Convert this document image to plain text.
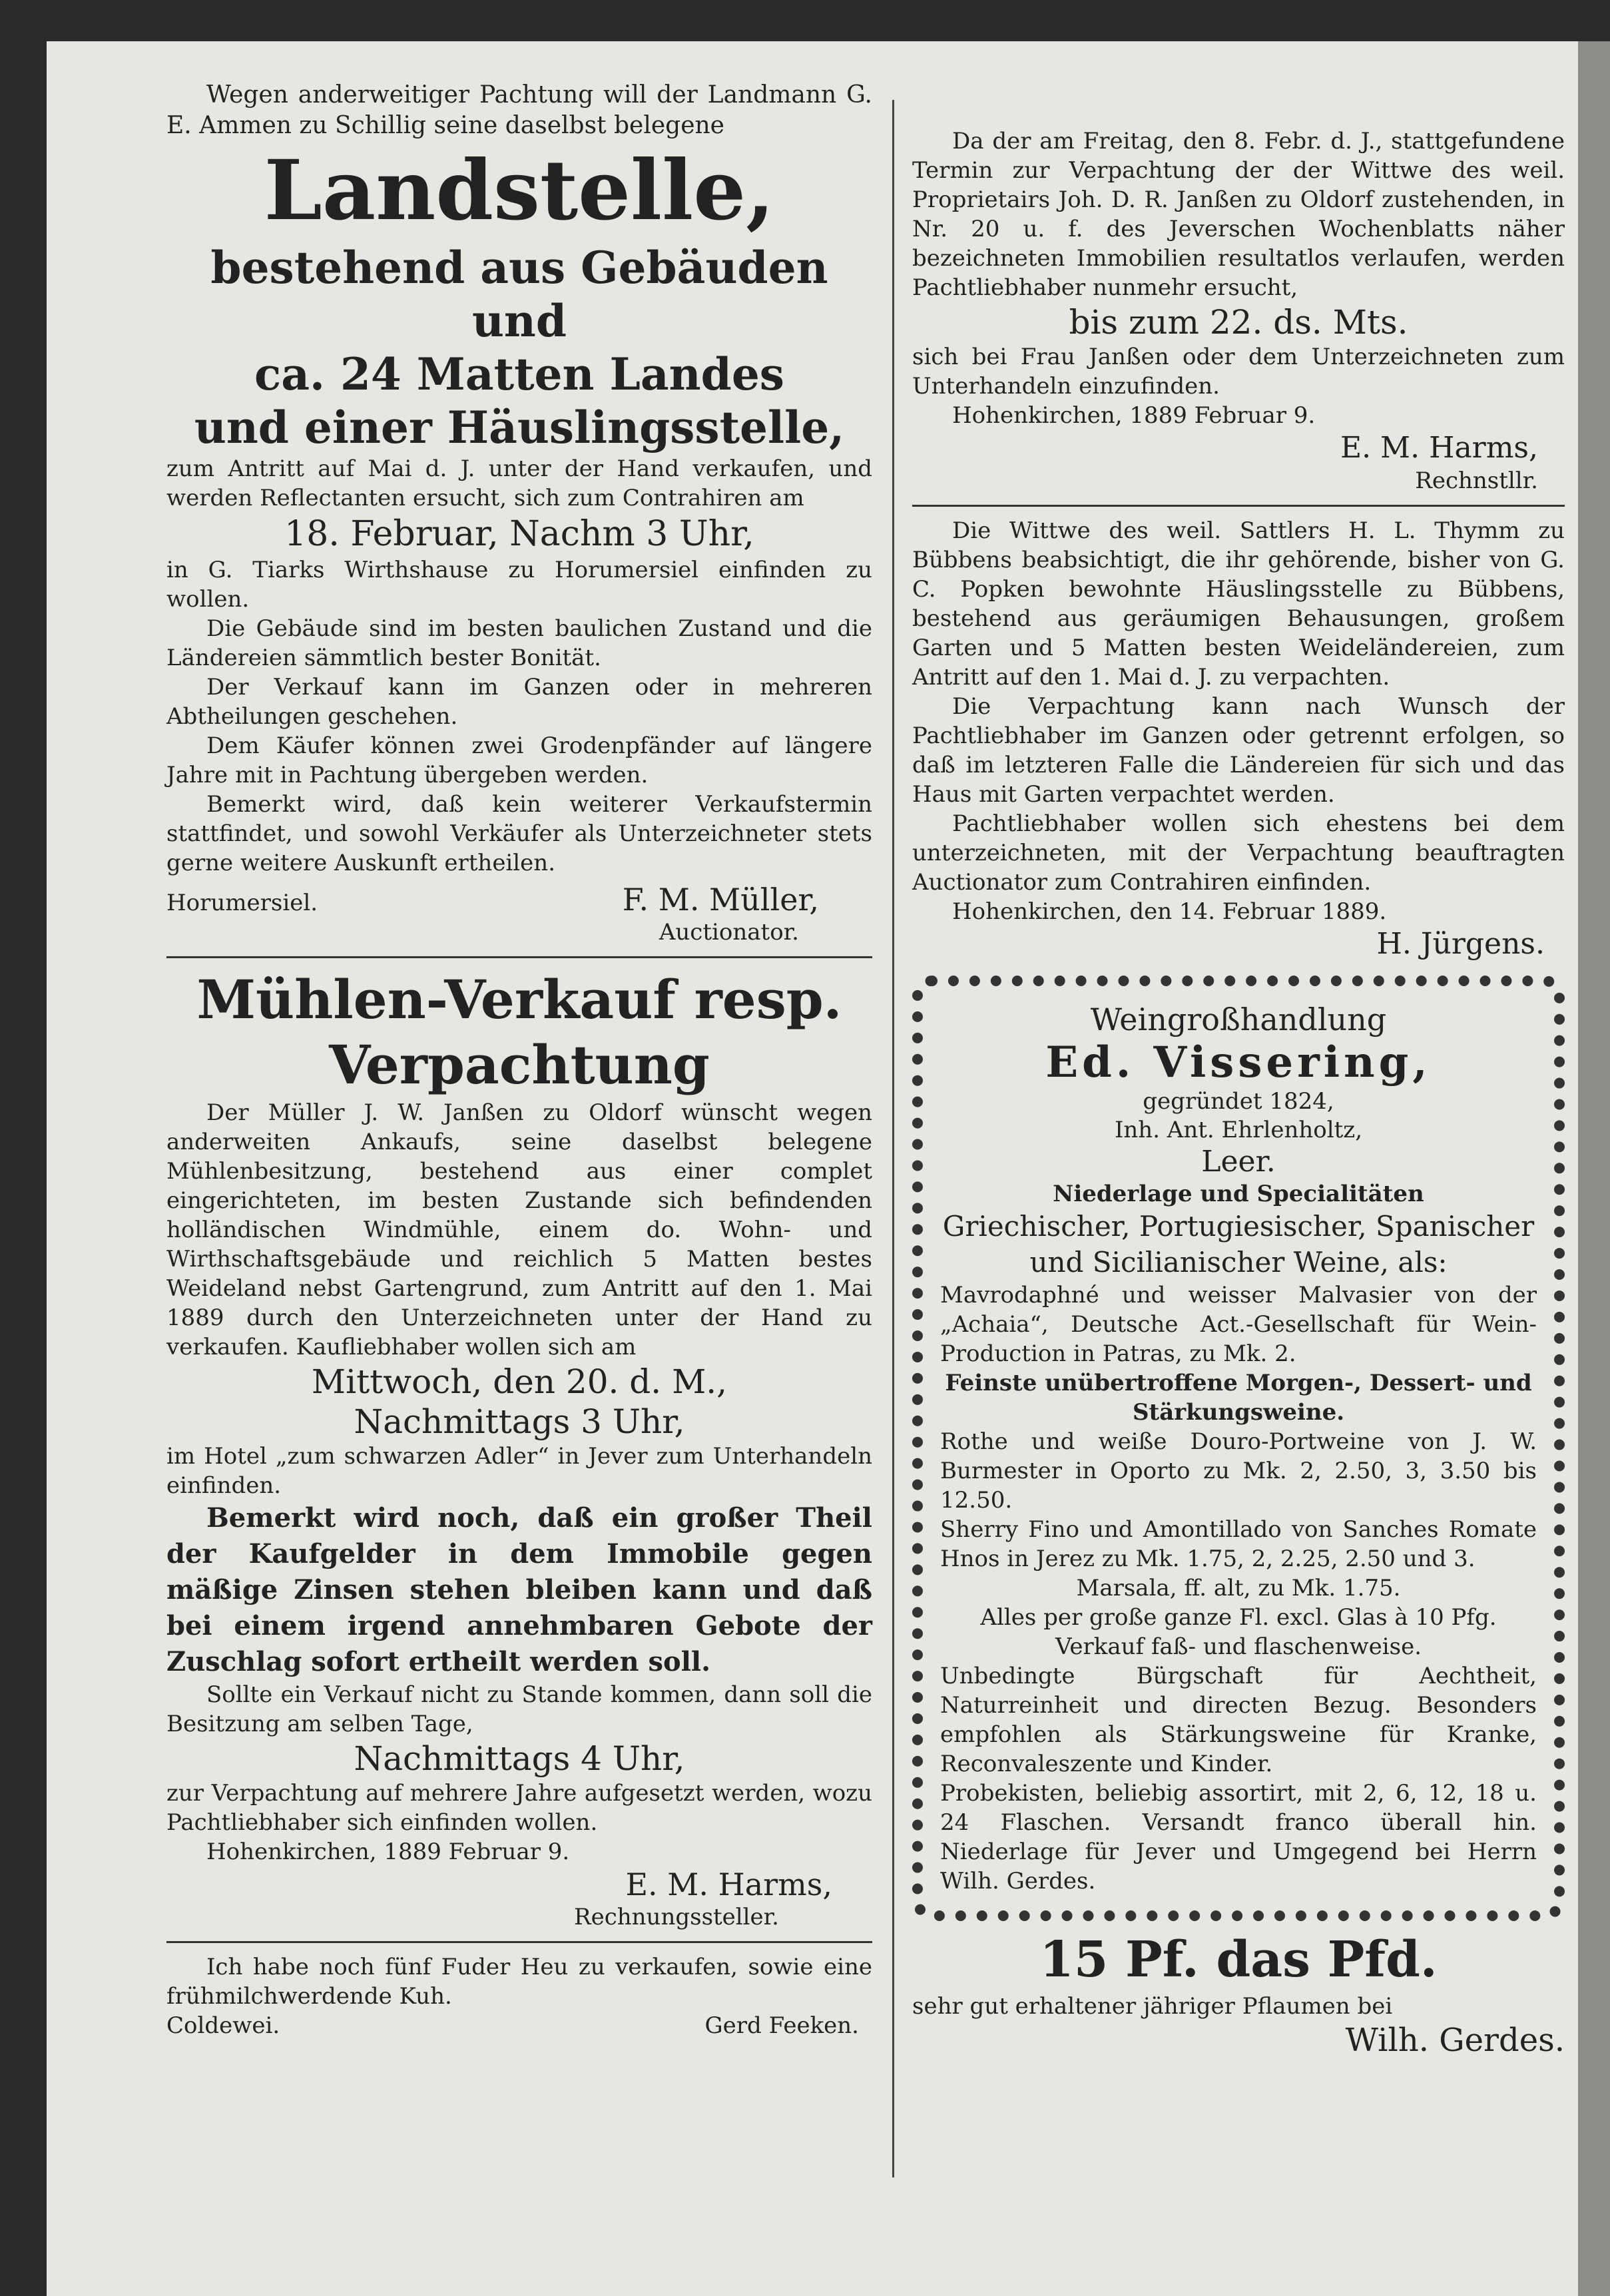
Wegen anderweitiger Pachtung will der Landmann G. E. Ammen zu Schillig seine daselbst belegene

Landstelle,

bestehend aus Gebäuden und

ca. 24 Matten Landes

und einer Häuslingsstelle,

zum Antritt auf Mai d. J. unter der Hand verkaufen, und werden Reflectanten ersucht, sich zum Contrahiren am

18. Februar, Nachm 3 Uhr,

in G. Tiarks Wirthshause zu Horumersiel einfinden zu wollen.

Die Gebäude sind im besten baulichen Zustand und die Ländereien sämmtlich bester Bonität.

Der Verkauf kann im Ganzen oder in mehreren Abtheilungen geschehen.

Dem Käufer können zwei Grodenpfänder auf längere Jahre mit in Pachtung übergeben werden.

Bemerkt wird, daß kein weiterer Verkaufstermin stattfindet, und sowohl Verkäufer als Unterzeichneter stets gerne weitere Auskunft ertheilen.

Horumersiel.	F. M. Müller,

Auctionator.

Mühlen-Verkauf resp.

Verpachtung

Der Müller J. W. Janßen zu Oldorf wünscht wegen anderweiten Ankaufs, seine daselbst belegene Mühlenbesitzung, bestehend aus einer complet eingerichteten, im besten Zustande sich befindenden holländischen Windmühle, einem do. Wohn- und Wirthschaftsgebäude und reichlich 5 Matten bestes Weideland nebst Gartengrund, zum Antritt auf den 1. Mai 1889 durch den Unterzeichneten unter der Hand zu verkaufen. Kaufliebhaber wollen sich am

Mittwoch, den 20. d. M.,

Nachmittags 3 Uhr,

im Hotel „zum schwarzen Adler“ in Jever zum Unterhandeln einfinden.

Bemerkt wird noch, daß ein großer Theil der Kaufgelder in dem Immobile gegen mäßige Zinsen stehen bleiben kann und daß bei einem irgend annehmbaren Gebote der Zuschlag sofort ertheilt werden soll.

Sollte ein Verkauf nicht zu Stande kommen, dann soll die Besitzung am selben Tage,

Nachmittags 4 Uhr,

zur Verpachtung auf mehrere Jahre aufgesetzt werden, wozu Pachtliebhaber sich einfinden wollen.

Hohenkirchen, 1889 Februar 9.

E. M. Harms,

Rechnungssteller.

Ich habe noch fünf Fuder Heu zu verkaufen, sowie eine frühmilchwerdende Kuh.

Coldewei.	Gerd Feeken.

Da der am Freitag, den 8. Febr. d. J., stattgefundene Termin zur Verpachtung der der Wittwe des weil. Proprietairs Joh. D. R. Janßen zu Oldorf zustehenden, in Nr. 20 u. f. des Jeverschen Wochenblatts näher bezeichneten Immobilien resultatlos verlaufen, werden Pachtliebhaber nunmehr ersucht,

bis zum 22. ds. Mts.

sich bei Frau Janßen oder dem Unterzeichneten zum Unterhandeln einzufinden.

Hohenkirchen, 1889 Februar 9.

E. M. Harms,

Rechnstllr.

Die Wittwe des weil. Sattlers H. L. Thymm zu Bübbens beabsichtigt, die ihr gehörende, bisher von G. C. Popken bewohnte Häuslingsstelle zu Bübbens, bestehend aus geräumigen Behausungen, großem Garten und 5 Matten besten Weideländereien, zum Antritt auf den 1. Mai d. J. zu verpachten.

Die Verpachtung kann nach Wunsch der Pachtliebhaber im Ganzen oder getrennt erfolgen, so daß im letzteren Falle die Ländereien für sich und das Haus mit Garten verpachtet werden.

Pachtliebhaber wollen sich ehestens bei dem unterzeichneten, mit der Verpachtung beauftragten Auctionator zum Contrahiren einfinden.

Hohenkirchen, den 14. Februar 1889.

H. Jürgens.

Weingroßhandlung

Ed. Vissering,

gegründet 1824,

Inh. Ant. Ehrlenholtz,

Leer.

Niederlage und Specialitäten

Griechischer, Portugiesischer, Spanischer

und Sicilianischer Weine, als:

Mavrodaphné und weisser Malvasier von der „Achaia“, Deutsche Act.-Gesellschaft für Wein-Production in Patras, zu Mk. 2.

Feinste unübertroffene Morgen-, Dessert- und Stärkungsweine.

Rothe und weiße Douro-Portweine von J. W. Burmester in Oporto zu Mk. 2, 2.50, 3, 3.50 bis 12.50.

Sherry Fino und Amontillado von Sanches Romate Hnos in Jerez zu Mk. 1.75, 2, 2.25, 2.50 und 3.

Marsala, ff. alt, zu Mk. 1.75.

Alles per große ganze Fl. excl. Glas à 10 Pfg. Verkauf faß- und flaschenweise.

Unbedingte Bürgschaft für Aechtheit, Naturreinheit und directen Bezug. Besonders empfohlen als Stärkungsweine für Kranke, Reconvaleszente und Kinder.

Probekisten, beliebig assortirt, mit 2, 6, 12, 18 u. 24 Flaschen. Versandt franco überall hin. Niederlage für Jever und Umgegend bei Herrn Wilh. Gerdes.

15 Pf. das Pfd.

sehr gut erhaltener jähriger Pflaumen bei

Wilh. Gerdes.
